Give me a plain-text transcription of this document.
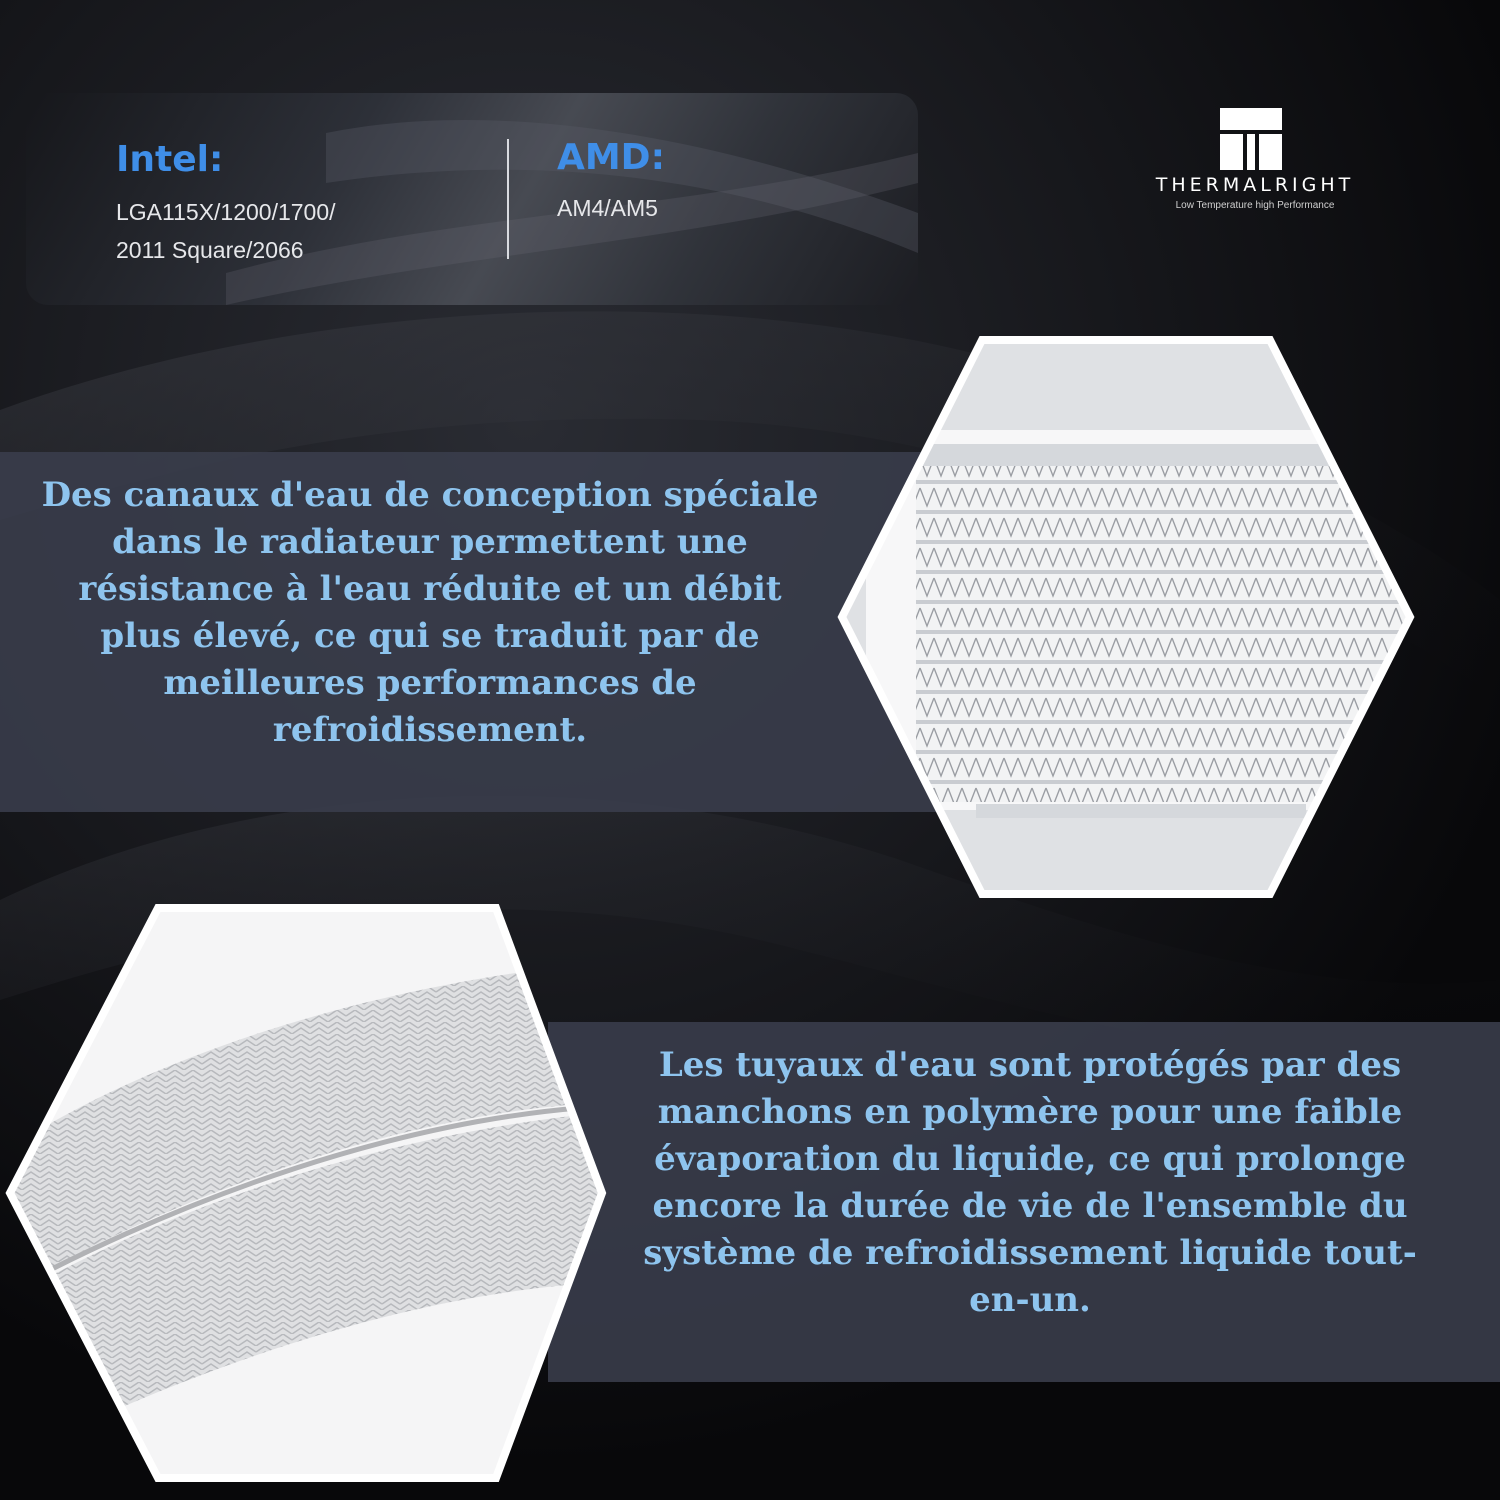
Intel:
LGA115X/1200/1700/
2011 Square/2066
AMD:
AM4/AM5
THERMALRIGHT
Low Temperature high Performance

Des canaux d'eau de conception spéciale dans le radiateur permettent une résistance à l'eau réduite et un débit plus élevé, ce qui se traduit par de meilleures performances de refroidissement.

Les tuyaux d'eau sont protégés par des manchons en polymère pour une faible évaporation du liquide, ce qui prolonge encore la durée de vie de l'ensemble du système de refroidissement liquide tout-en-un.
